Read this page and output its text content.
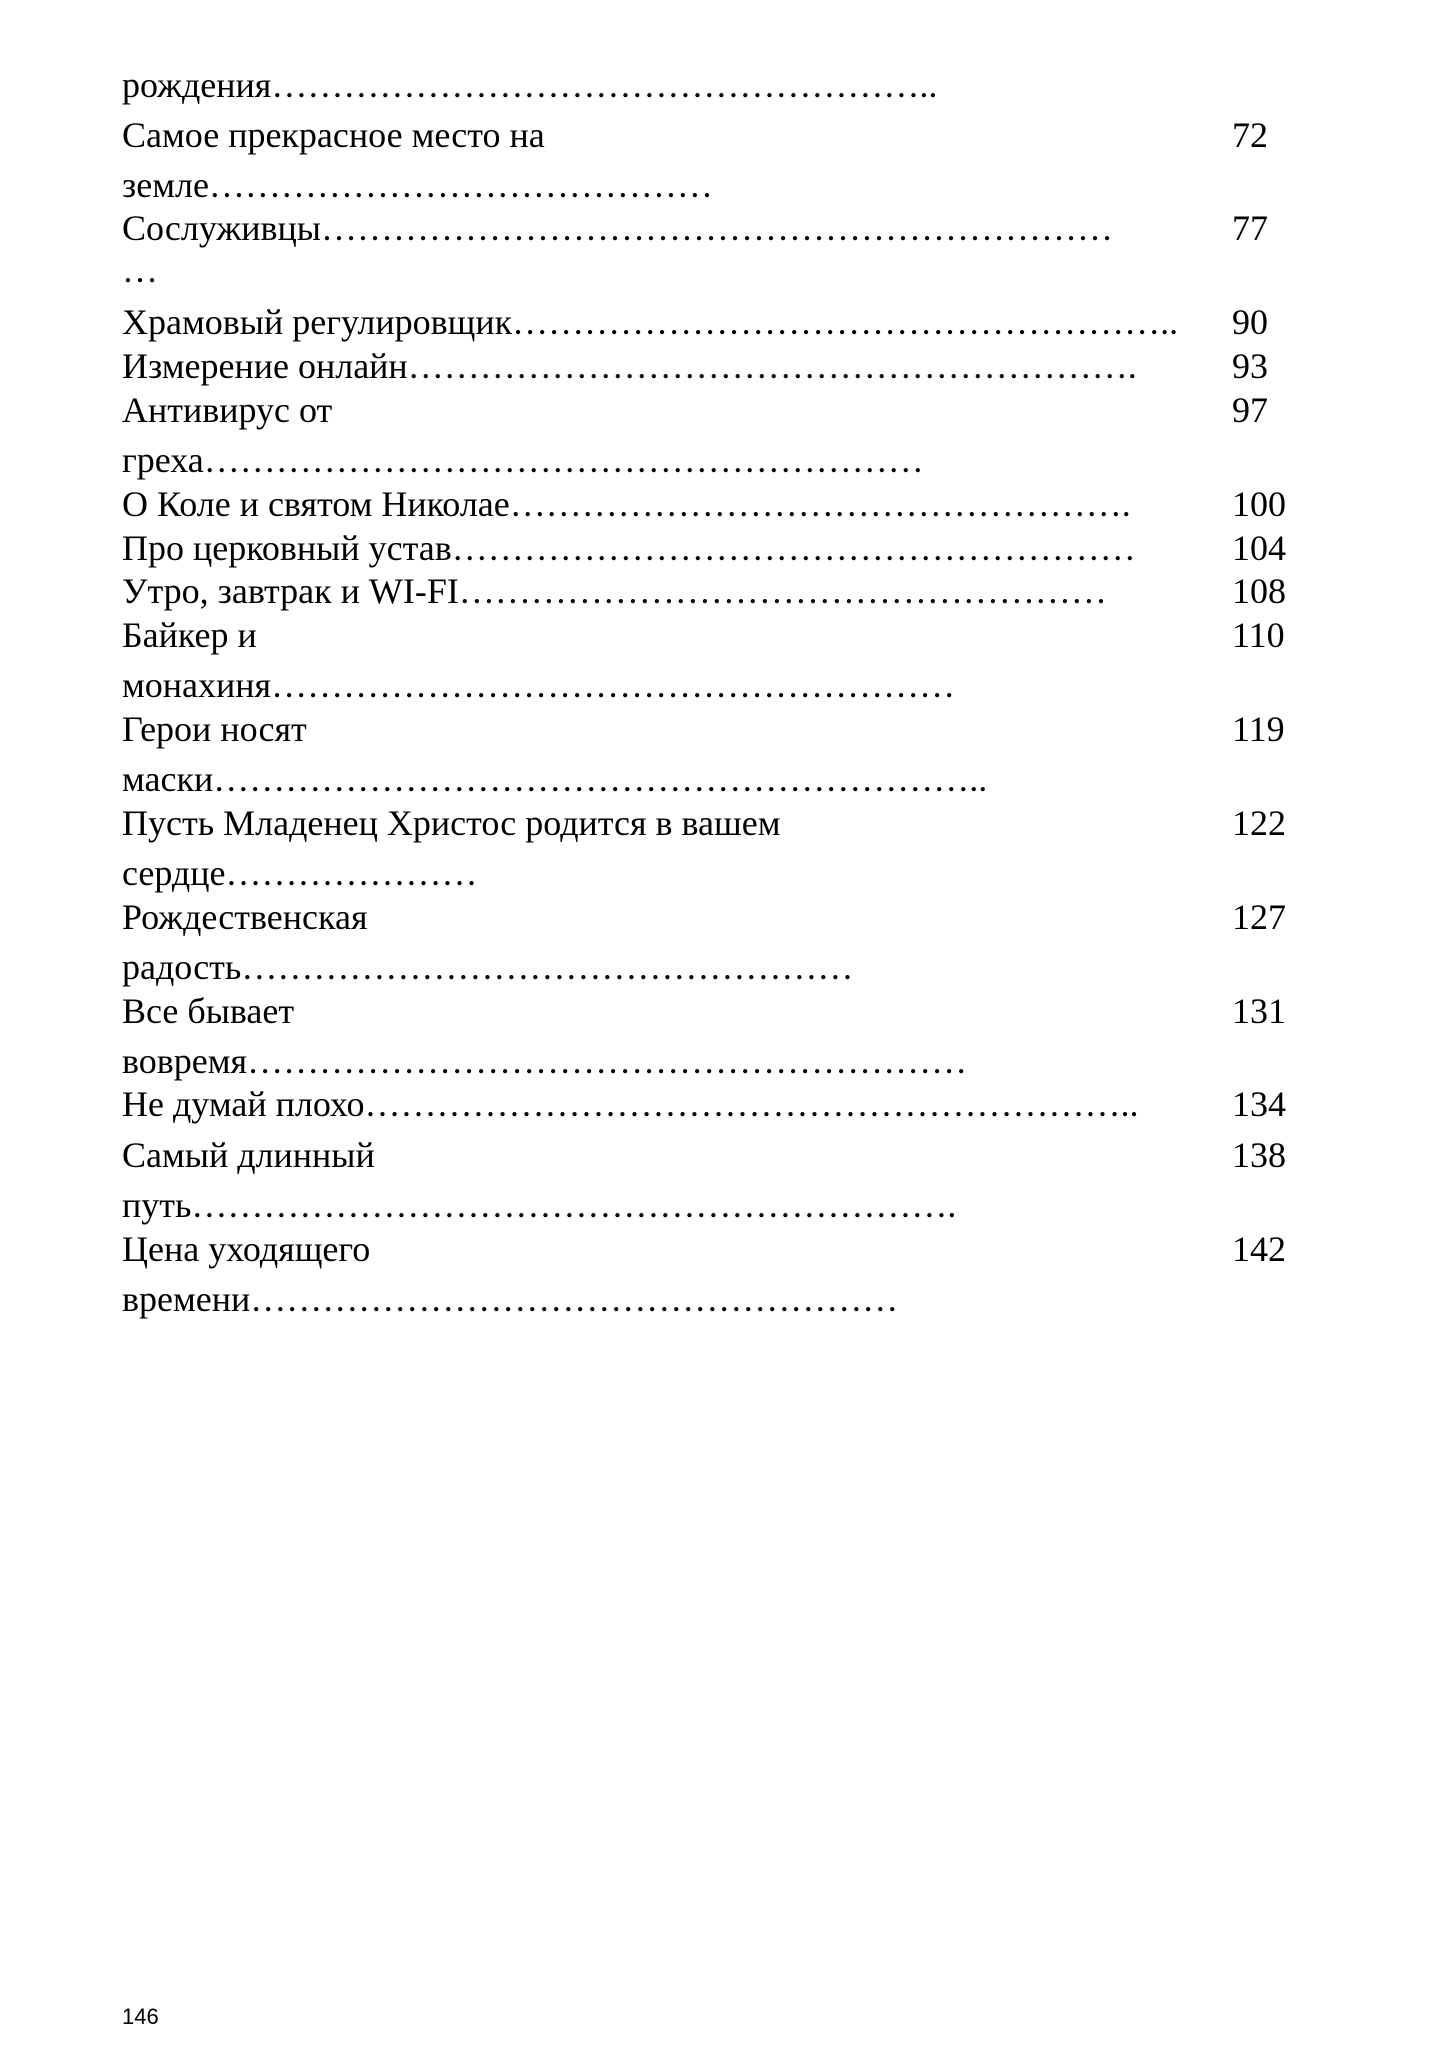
рождения………………………………………………..
Самое прекрасное место на	72
земле……………………………………
Сослуживцы…………………………………………………………	77
…
Храмовый регулировщик……………………………………………….. 90
Измерение онлайн…………………………………………………….	93
Антивирус от	97
греха……………………………………………………
О Коле и святом Николае…………………………………………….	100
Про церковный устав…………………………………………………	104
Утро, завтрак и WI-FI………………………………………………	108
Байкер и	110
монахиня…………………………………………………
Герои носят	119
маски………………………………………………………..
Пусть Младенец Христос родится в вашем	122
сердце…………………
Рождественская	127
радость……………………………………………
Все бывает	131
вовремя……………………………………………………
Не думай плохо………………………………………………………..	134
Самый длинный	138
путь……………………………………………………….
Цена уходящего	142
времени………………………………………………
146
